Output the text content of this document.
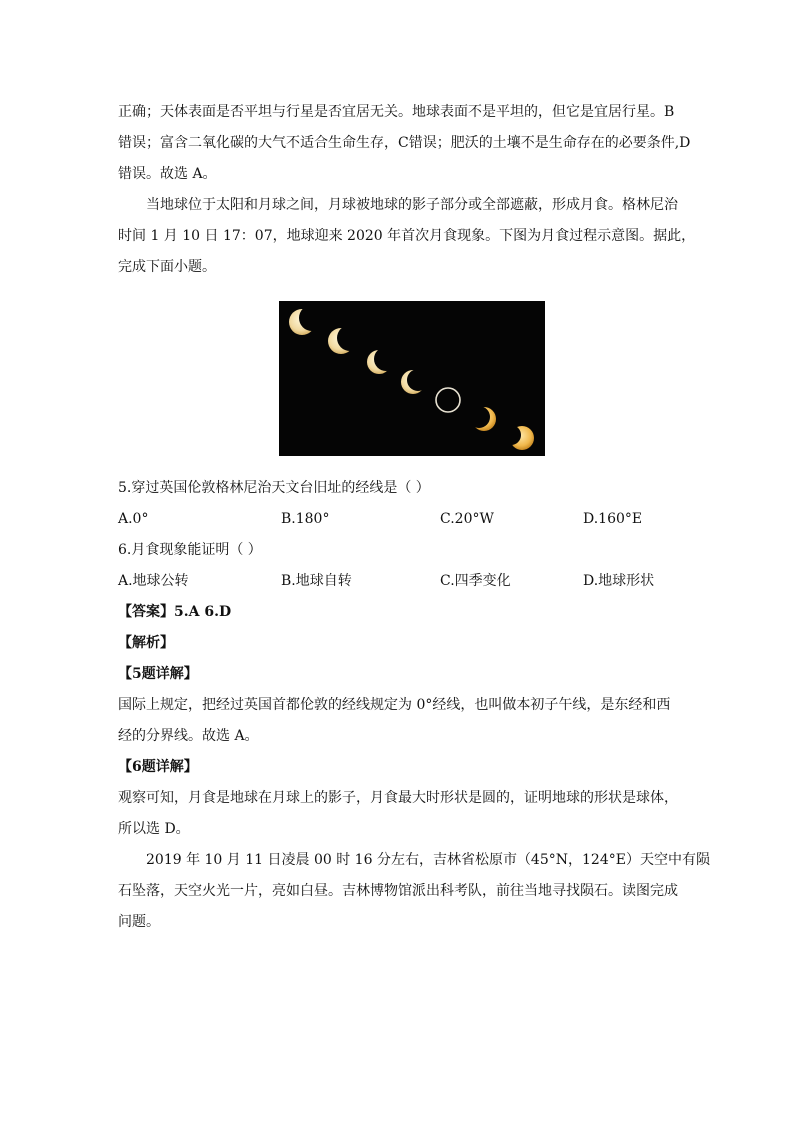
正确；天体表面是否平坦与行星是否宜居无关。地球表面不是平坦的，但它是宜居行星。B
错误；富含二氧化碳的大气不适合生命生存，C错误；肥沃的土壤不是生命存在的必要条件,D
错误。故选 A。
当地球位于太阳和月球之间，月球被地球的影子部分或全部遮蔽，形成月食。格林尼治
时间 1 月 10 日 17：07，地球迎来 2020 年首次月食现象。下图为月食过程示意图。据此，
完成下面小题。
5.穿过英国伦敦格林尼治天文台旧址的经线是（ ）
A.0°	B.180°	C.20°W	D.160°E
6.月食现象能证明（ ）
A.地球公转	B.地球自转	C.四季变化	D.地球形状
【答案】5.A 6.D
【解析】
【5题详解】
国际上规定，把经过英国首都伦敦的经线规定为 0°经线，也叫做本初子午线，是东经和西
经的分界线。故选 A。
【6题详解】
观察可知，月食是地球在月球上的影子，月食最大时形状是圆的，证明地球的形状是球体，
所以选 D。
2019 年 10 月 11 日凌晨 00 时 16 分左右，吉林省松原市（45°N，124°E）天空中有陨
石坠落，天空火光一片，亮如白昼。吉林博物馆派出科考队，前往当地寻找陨石。读图完成
问题。
